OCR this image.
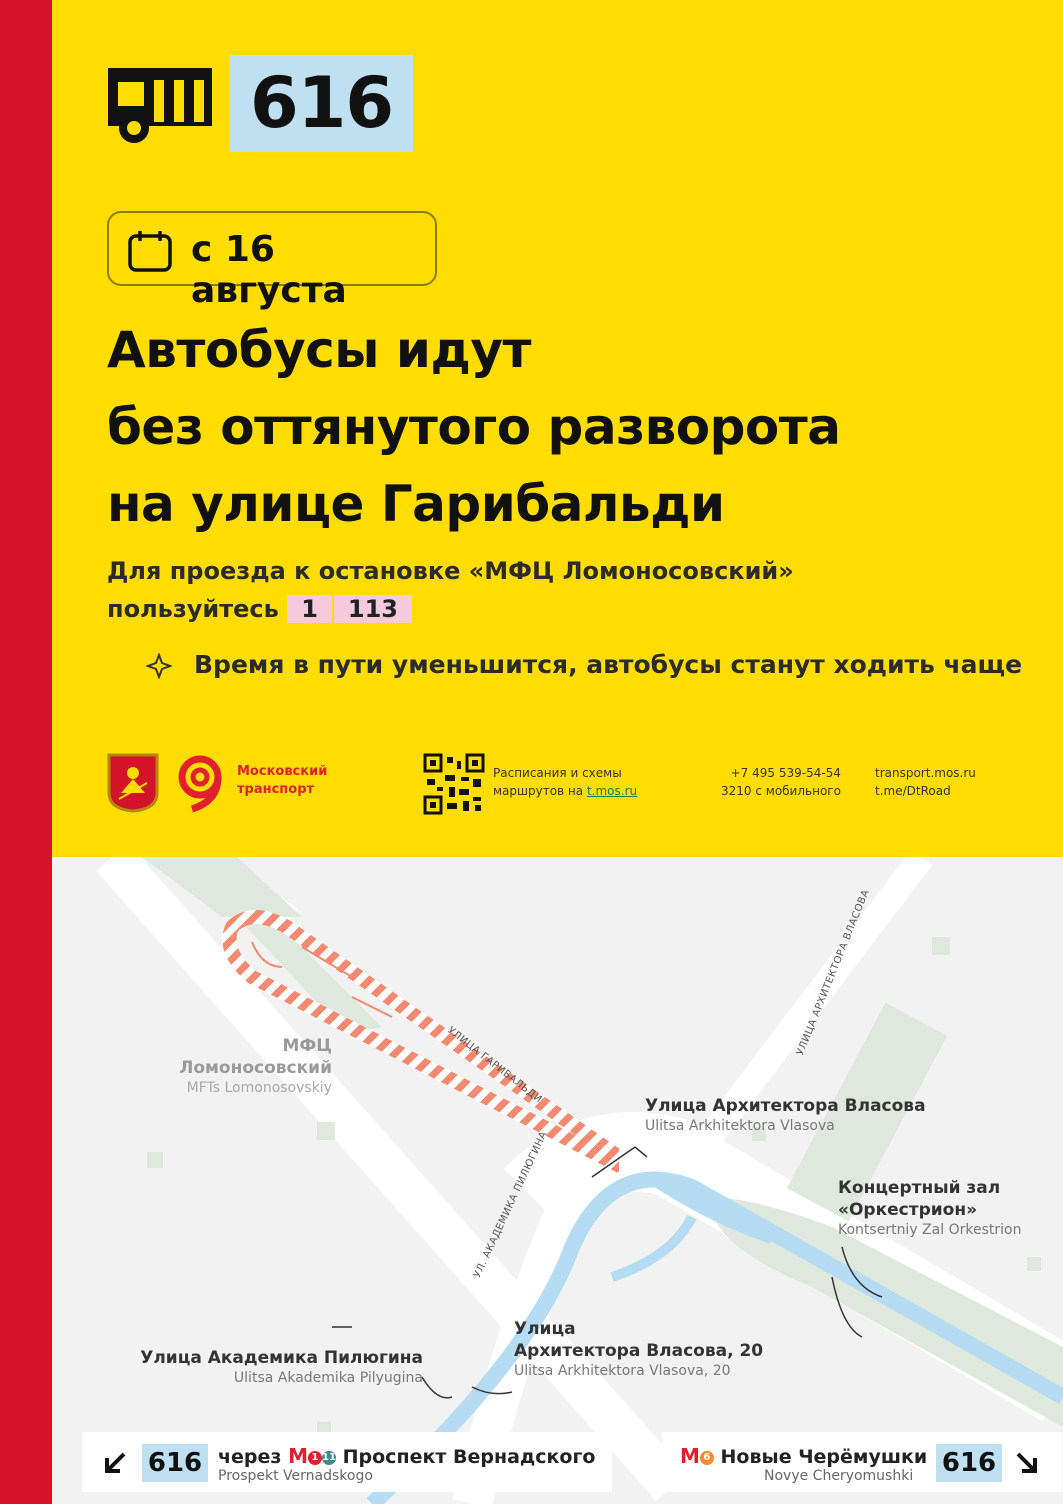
616
с 16 августа
Автобусы идут
без оттянутого разворота
на улице Гарибальди
Для проезда к остановке «МФЦ Ломоносовский»
пользуйтесь 1 113
Время в пути уменьшится, автобусы станут ходить чаще
Московский
транспорт
Расписания и схемы
маршрутов на t.mos.ru
+7 495 539-54-54
3210 с мобильного
transport.mos.ru
t.me/DtRoad
УЛИЦА ГАРИБАЛЬДИ
УЛИЦА АРХИТЕКТОРА ВЛАСОВА
УЛ. АКАДЕМИКА ПИЛЮГИНА
МФЦ
Ломоносовский
MFTs Lomonosovskiy
Улица Архитектора Власова
Ulitsa Arkhitektora Vlasova
Концертный зал
«Оркестрион»
Kontsertniy Zal Orkestrion
Улица
Архитектора Власова, 20
Ulitsa Arkhitektora Vlasova, 20
Улица Академика Пилюгина
Ulitsa Akademika Pilyugina
616 через М 1 11 Проспект Вернадского
Prospekt Vernadskogo
М 6 Новые Черёмушки
Novye Cheryomushki	616
